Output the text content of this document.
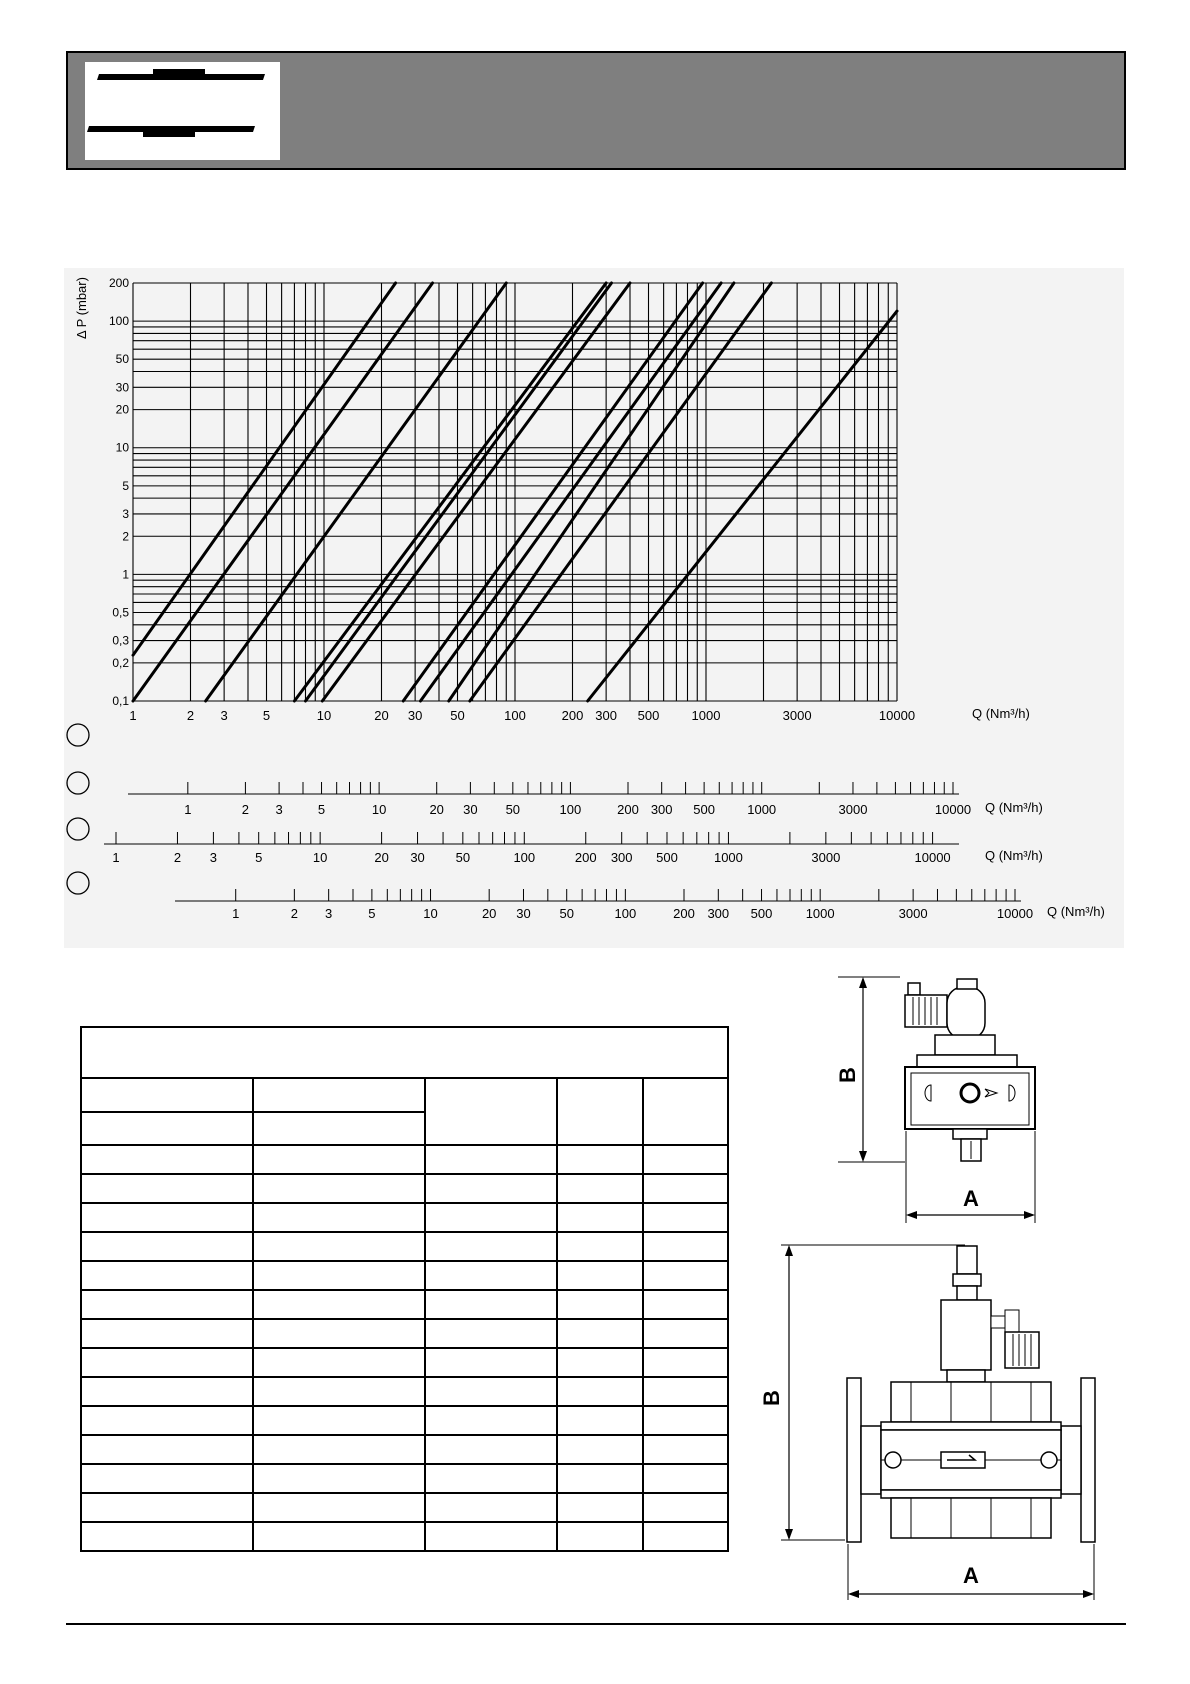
200
100
50
30
20
10
5
3
2
1
0,5
0,3
0,2
0,1
Δ P (mbar)
1	2 3	5	10	20 30 50	100	200 300 500 1000	3000	10000	Q (Nm³/h)
1	2 3	5	10	20 30 50	100	200 300 500 1000	3000	10000 Q (Nm³/h)
1	2 3	5	10	20 30 50	100	200 300 500	1000	3000	10000	Q (Nm³/h)
1	2 3	5	10	20 30 50	100	200 300 500	1000	3000	10000 Q (Nm³/h)

B
A
B
A
